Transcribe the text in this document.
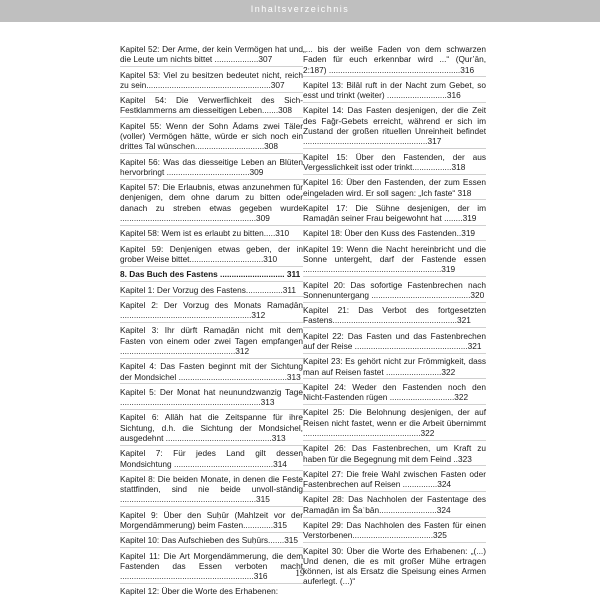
Inhaltsverzeichnis
Kapitel 52: Der Arme, der kein Vermögen hat und die Leute um nichts bittet ...................307
Kapitel 53: Viel zu besitzen bedeutet nicht, reich zu sein......................................................307
Kapitel 54: Die Verwerflichkeit des Sich-Festklammerns am diesseitigen Leben.......308
Kapitel 55: Wenn der Sohn Ādams zwei Täler (voller) Vermögen hätte, würde er sich noch ein drittes Tal wünschen..............................308
Kapitel 56: Was das diesseitige Leben an Blüten hervorbringt ....................................309
Kapitel 57: Die Erlaubnis, etwas anzunehmen für denjenigen, dem ohne darum zu bitten oder danach zu streben etwas gegeben wurde ...........................................................309
Kapitel 58: Wem ist es erlaubt zu bitten.....310
Kapitel 59: Denjenigen etwas geben, der in grober Weise bittet................................310
8. Das Buch des Fastens ............................ 311
Kapitel 1: Der Vorzug des Fastens................311
Kapitel 2: Der Vorzug des Monats Ramaḍān .........................................................312
Kapitel 3: Ihr dürft Ramaḍān nicht mit dem Fasten von einem oder zwei Tagen empfangen ..................................................312
Kapitel 4: Das Fasten beginnt mit der Sichtung der Mondsichel ...............................................313
Kapitel 5: Der Monat hat neunundzwanzig Tage .............................................................313
Kapitel 6: Allāh hat die Zeitspanne für ihre Sichtung, d.h. die Sichtung der Mondsichel, ausgedehnt ..............................................313
Kapitel 7: Für jedes Land gilt dessen Mondsichtung ...........................................314
Kapitel 8: Die beiden Monate, in denen die Feste stattfinden, sind nie beide unvoll-ständig ...........................................................315
Kapitel 9: Über den Suḥūr (Mahlzeit vor der Morgendämmerung) beim Fasten.............315
Kapitel 10: Das Aufschieben des Suḥūrs.......315
Kapitel 11: Die Art Morgendämmerung, die dem Fastenden das Essen verboten macht ..........................................................316
Kapitel 12: Über die Worte des Erhabenen:
„... bis der weiße Faden von dem schwarzen Faden für euch erkennbar wird ...“ (Qur’ān, 2:187) .........................................................316
Kapitel 13: Bilāl ruft in der Nacht zum Gebet, so esst und trinkt (weiter) ..........................316
Kapitel 14: Das Fasten desjenigen, der die Zeit des Faǧr-Gebets erreicht, während er sich im Zustand der großen rituellen Unreinheit befindet ......................................................317
Kapitel 15: Über den Fastenden, der aus Vergesslichkeit isst oder trinkt.................318
Kapitel 16: Über den Fastenden, der zum Essen eingeladen wird. Er soll sagen: „Ich faste“ 318
Kapitel 17: Die Sühne desjenigen, der im Ramaḍān seiner Frau beigewohnt hat ........319
Kapitel 18: Über den Kuss des Fastenden..319
Kapitel 19: Wenn die Nacht hereinbricht und die Sonne untergeht, darf der Fastende essen ............................................................319
Kapitel 20: Das sofortige Fastenbrechen nach Sonnenuntergang ...........................................320
Kapitel 21: Das Verbot des fortgesetzten Fastens......................................................321
Kapitel 22: Das Fasten und das Fastenbrechen auf der Reise .................................................321
Kapitel 23: Es gehört nicht zur Frömmigkeit, dass man auf Reisen fastet ........................322
Kapitel 24: Weder den Fastenden noch den Nicht-Fastenden rügen ............................322
Kapitel 25: Die Belohnung desjenigen, der auf Reisen nicht fastet, wenn er die Arbeit übernimmt ...................................................322
Kapitel 26: Das Fastenbrechen, um Kraft zu haben für die Begegnung mit dem Feind ..323
Kapitel 27: Die freie Wahl zwischen Fasten oder Fastenbrechen auf Reisen ...............324
Kapitel 28: Das Nachholen der Fastentage des Ramaḍān im Šaʿbān.........................324
Kapitel 29: Das Nachholen des Fasten für einen Verstorbenen...................................325
Kapitel 30: Über die Worte des Erhabenen: „(...) Und denen, die es mit großer Mühe ertragen können, ist als Ersatz die Speisung eines Armen auferlegt. (...)“
19
